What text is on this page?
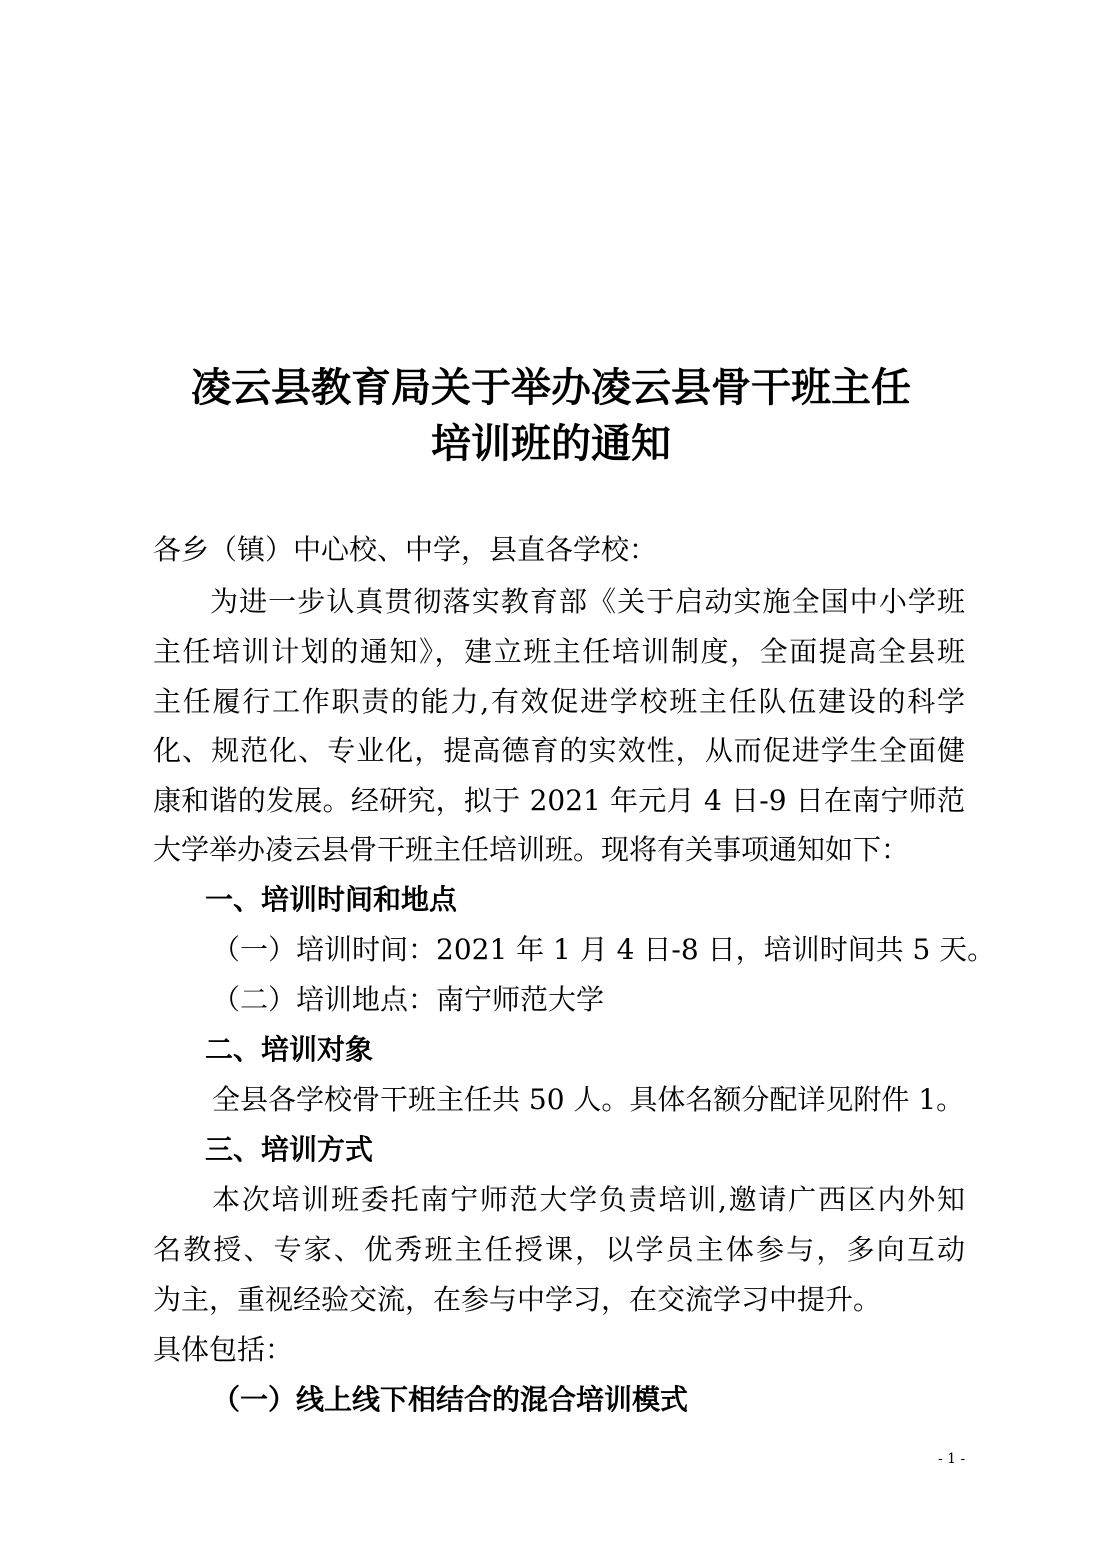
凌云县教育局关于举办凌云县骨干班主任
培训班的通知

各乡（镇）中心校、中学，县直各学校：

为进一步认真贯彻落实教育部《关于启动实施全国中小学班

主任培训计划的通知》，建立班主任培训制度，全面提高全县班

主任履行工作职责的能力,有效促进学校班主任队伍建设的科学

化、规范化、专业化，提高德育的实效性，从而促进学生全面健

康和谐的发展。经研究，拟于 2021 年元月 4 日-9 日在南宁师范

大学举办凌云县骨干班主任培训班。现将有关事项通知如下：

一、培训时间和地点

（一）培训时间：2021 年 1 月 4 日-8 日，培训时间共 5 天。

（二）培训地点：南宁师范大学

二、培训对象

全县各学校骨干班主任共 50 人。具体名额分配详见附件 1。

三、培训方式

本次培训班委托南宁师范大学负责培训,邀请广西区内外知

名教授、专家、优秀班主任授课，以学员主体参与，多向互动

为主，重视经验交流，在参与中学习，在交流学习中提升。

具体包括：

（一）线上线下相结合的混合培训模式

- 1 -
